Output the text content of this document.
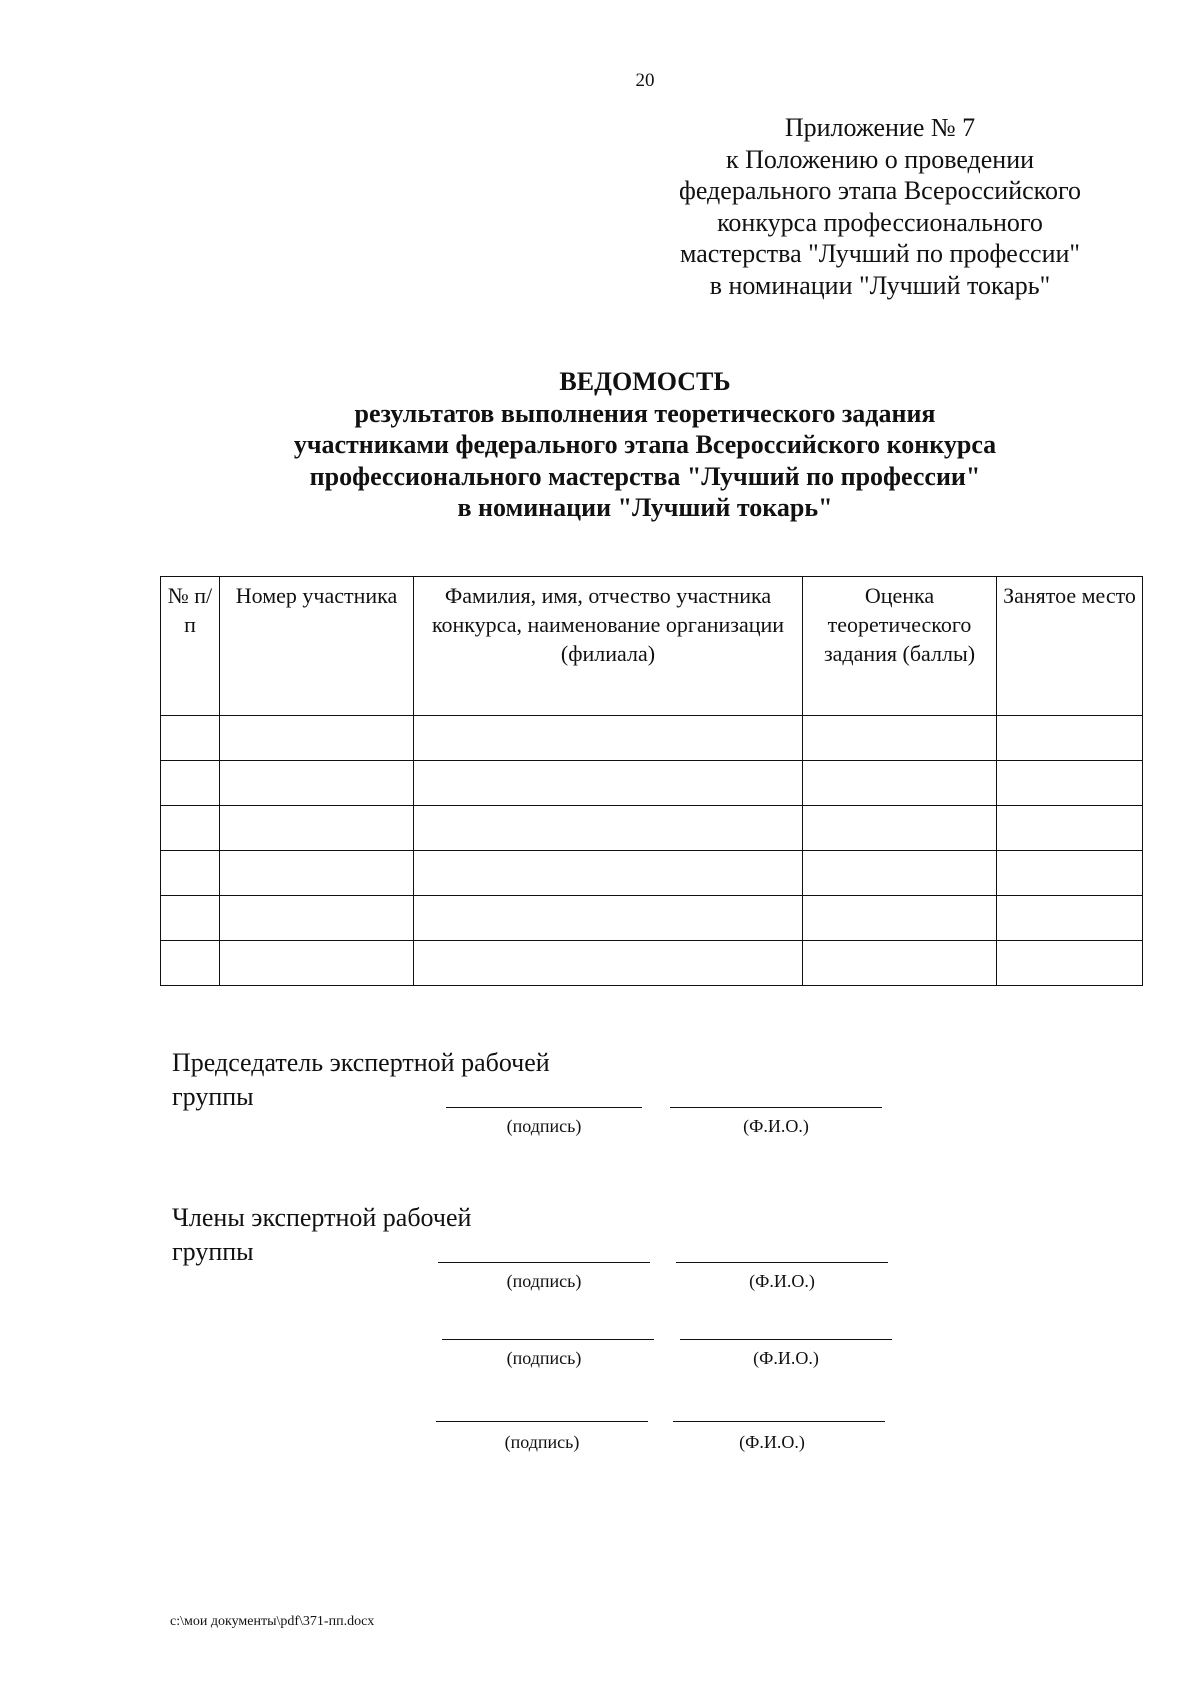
20
Приложение № 7
к Положению о проведении
федерального этапа Всероссийского
конкурса профессионального
мастерства "Лучший по профессии"
в номинации "Лучший токарь"
ВЕДОМОСТЬ
результатов выполнения теоретического задания
участниками федерального этапа Всероссийского конкурса
профессионального мастерства "Лучший по профессии"
в номинации "Лучший токарь"
№ п/п	Номер участника	Фамилия, имя, отчество участника конкурса, наименование организации (филиала)	Оценка теоретического задания (баллы)	Занятое место

Председатель экспертной рабочей
группы
(подпись)	(Ф.И.О.)
Члены экспертной рабочей
группы
(подпись)	(Ф.И.О.)
(подпись)	(Ф.И.О.)
(подпись)	(Ф.И.О.)
c:\мои документы\pdf\371-пп.docx
